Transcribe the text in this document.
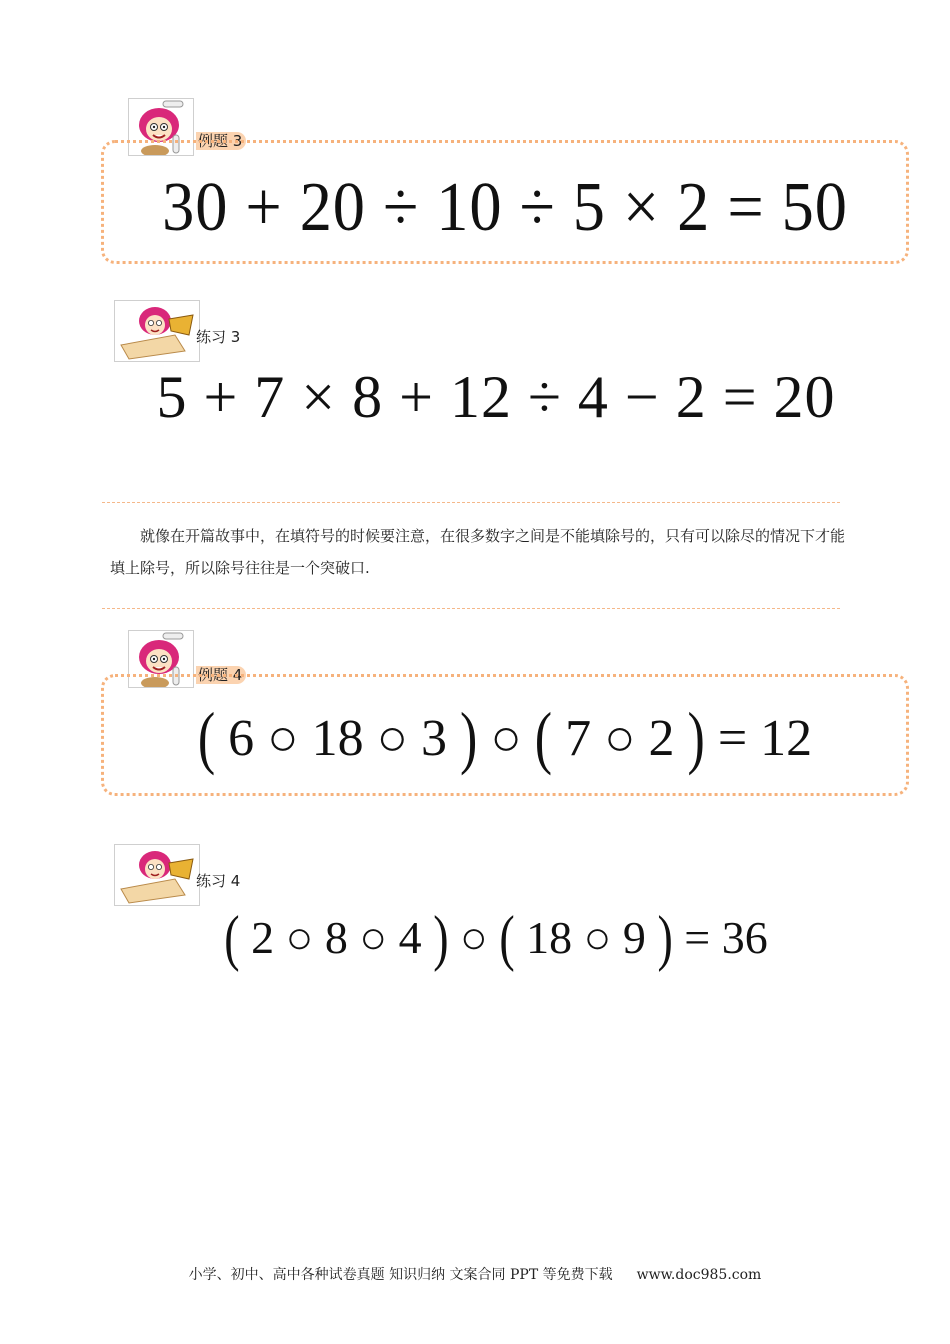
例题 3
30 + 20 ÷ 10 ÷ 5 × 2 = 50
练习 3
5 + 7 × 8 + 12 ÷ 4 − 2 = 20
就像在开篇故事中，在填符号的时候要注意，在很多数字之间是不能填除号的，只有可以除尽的情况下才能填上除号，所以除号往往是一个突破口.
例题 4
( 6 ○ 18 ○ 3 ) ○ ( 7 ○ 2 ) = 12
练习 4
( 2 ○ 8 ○ 4 ) ○ ( 18 ○ 9 ) = 36
小学、初中、高中各种试卷真题 知识归纳 文案合同 PPT 等免费下载 www.doc985.com
